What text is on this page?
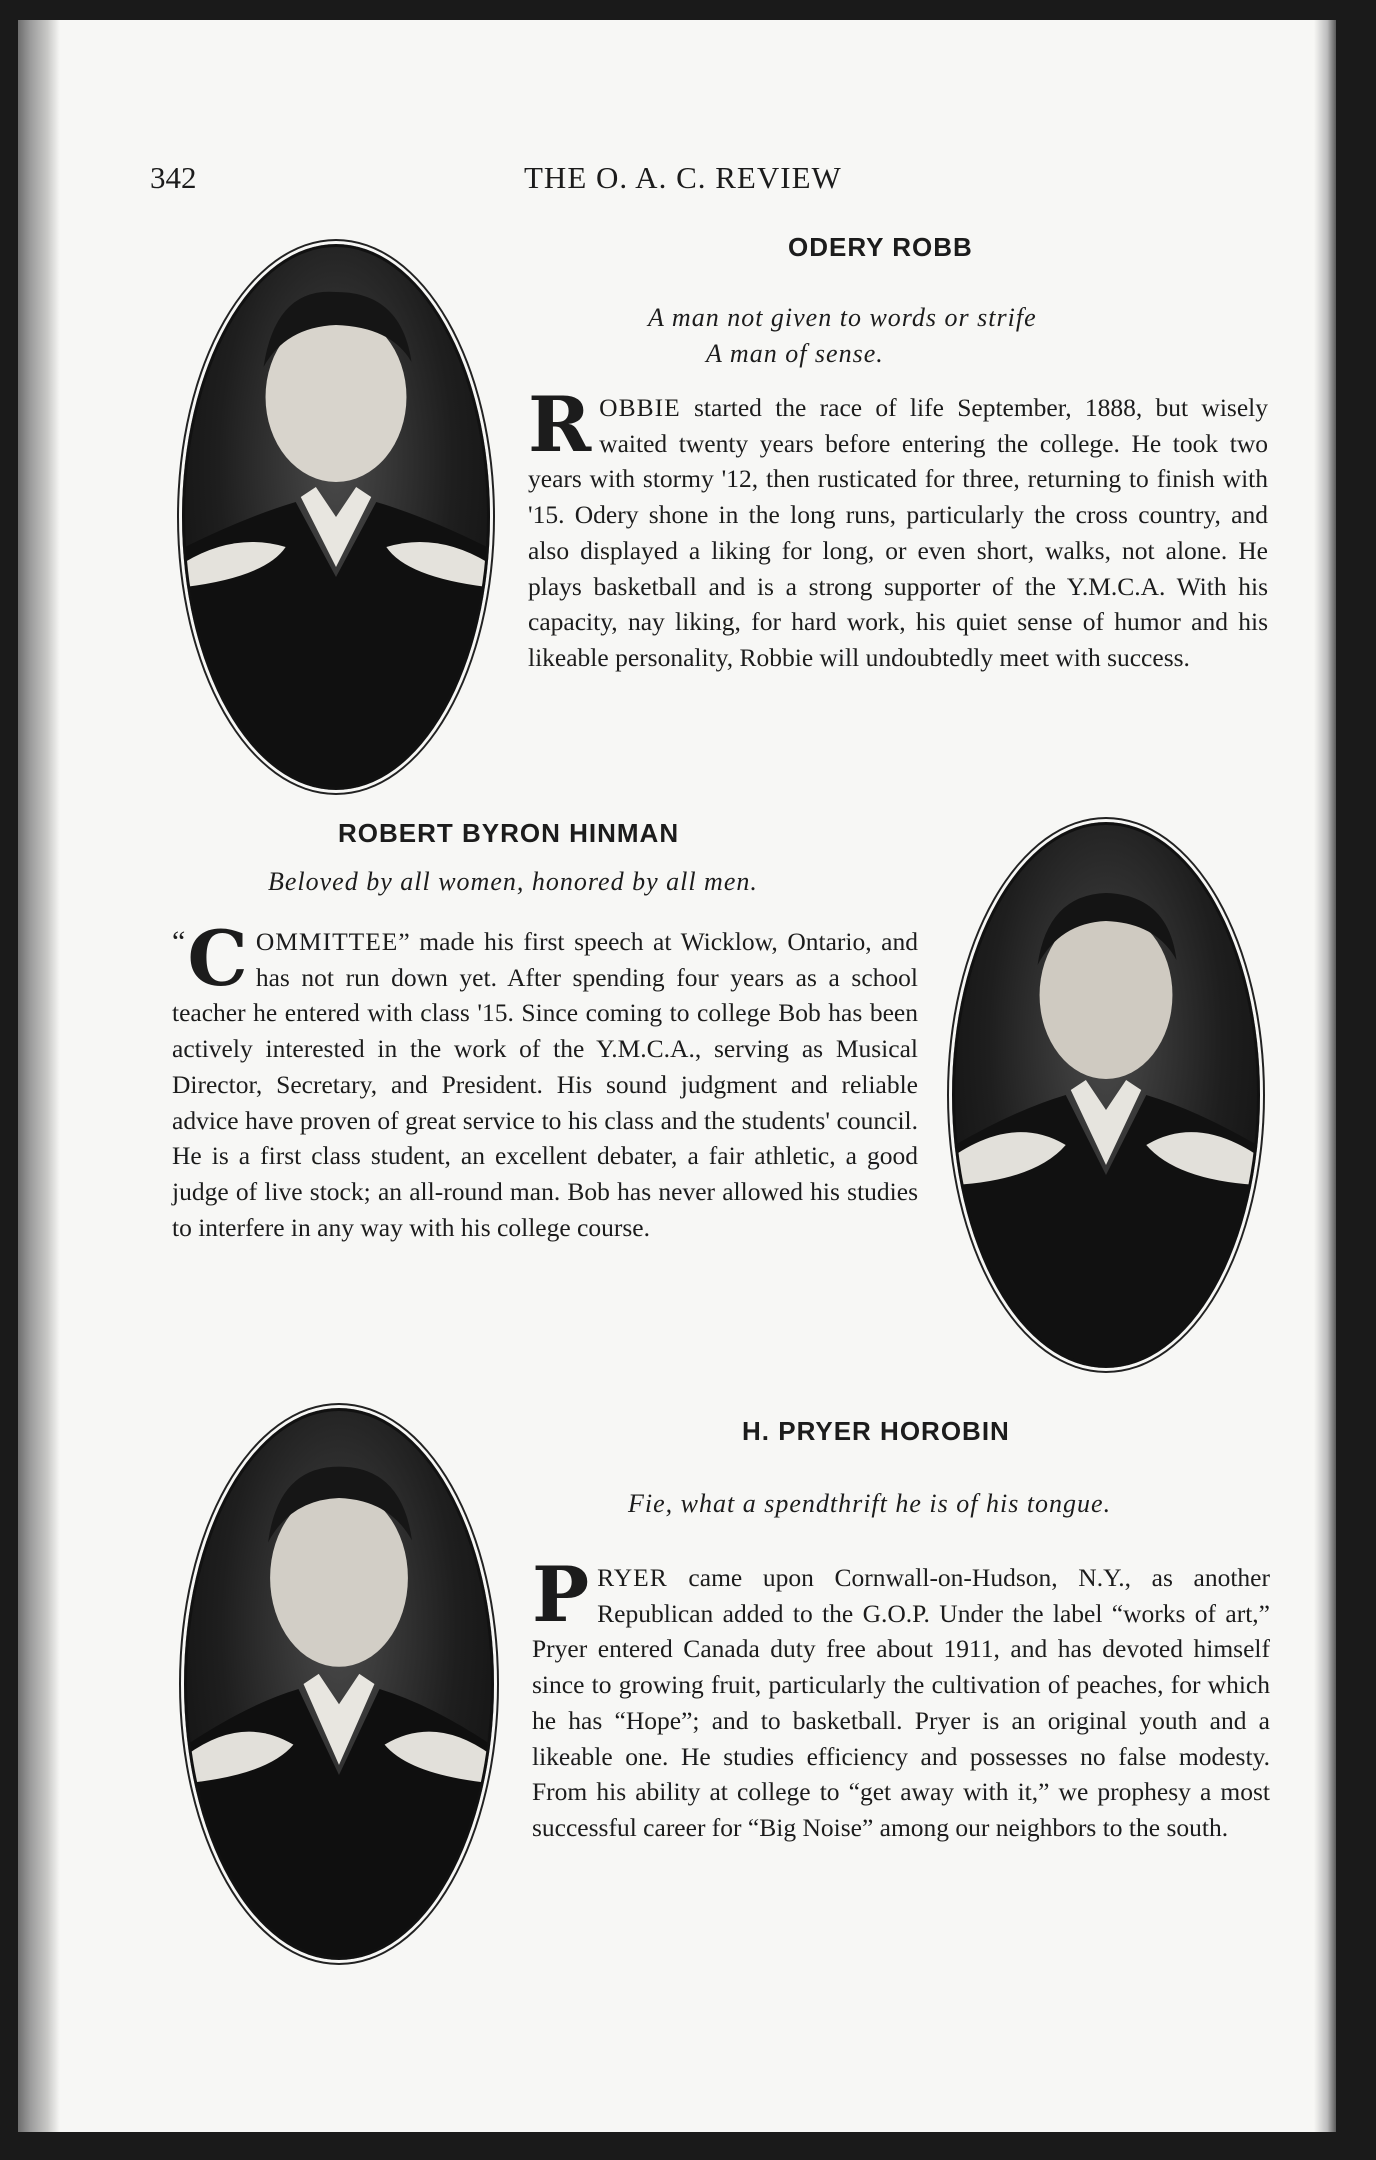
342	THE O. A. C. REVIEW
ODERY ROBB
A man not given to words or strife
A man of sense.
R OBBIE started the race of life September, 1888, but wisely waited twenty years before entering the college. He took two years with stormy '12, then rusticated for three, returning to finish with '15. Odery shone in the long runs, particularly the cross country, and also displayed a liking for long, or even short, walks, not alone. He plays basketball and is a strong supporter of the Y.M.C.A. With his capacity, nay liking, for hard work, his quiet sense of humor and his likeable personality, Robbie will undoubtedly meet with success.
ROBERT BYRON HINMAN
Beloved by all women, honored by all men.
“ C OMMITTEE” made his first speech at Wicklow, Ontario, and has not run down yet. After spending four years as a school teacher he entered with class '15. Since coming to college Bob has been actively interested in the work of the Y.M.C.A., serving as Musical Director, Secretary, and President. His sound judgment and reliable advice have proven of great service to his class and the students' council. He is a first class student, an excellent debater, a fair athletic, a good judge of live stock; an all-round man. Bob has never allowed his studies to interfere in any way with his college course.
H. PRYER HOROBIN
Fie, what a spendthrift he is of his tongue.
P RYER came upon Cornwall-on-Hudson, N.Y., as another Republican added to the G.O.P. Under the label “works of art,” Pryer entered Canada duty free about 1911, and has devoted himself since to growing fruit, particularly the cultivation of peaches, for which he has “Hope”; and to basketball. Pryer is an original youth and a likeable one. He studies efficiency and possesses no false modesty. From his ability at college to “get away with it,” we prophesy a most successful career for “Big Noise” among our neighbors to the south.
